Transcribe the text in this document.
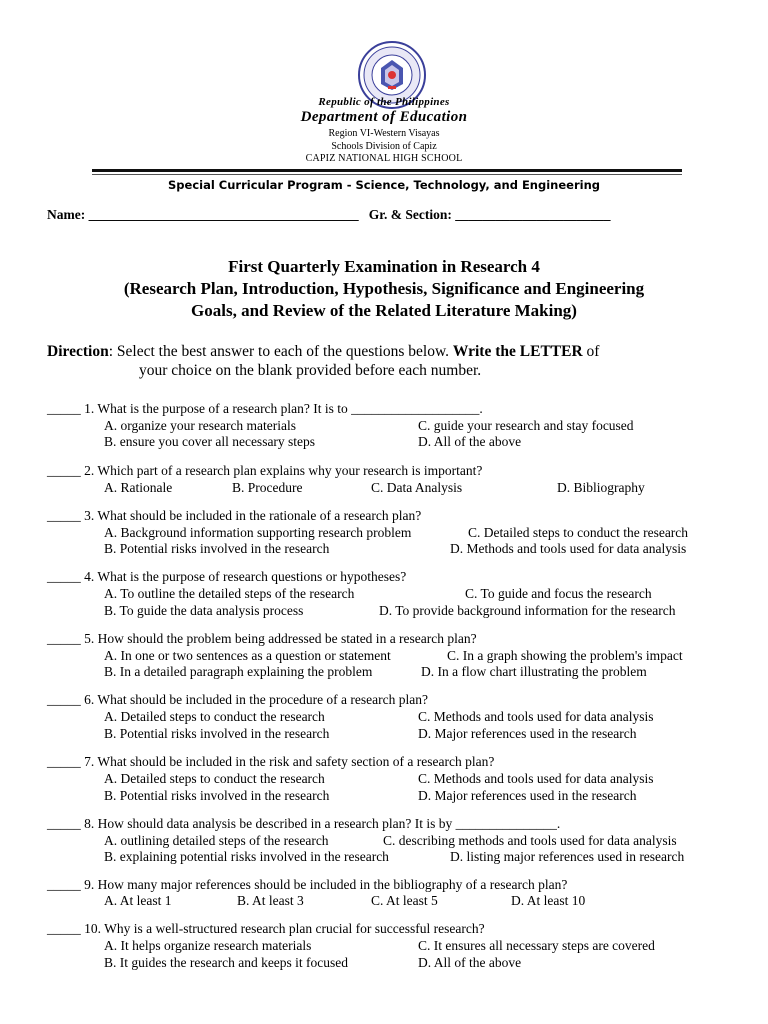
Republic of the Philippines
Department of Education
Region VI-Western Visayas
Schools Division of Capiz
CAPIZ NATIONAL HIGH SCHOOL
Special Curricular Program - Science, Technology, and Engineering
Name: ________________________________________ Gr. & Section: _______________________
First Quarterly Examination in Research 4
(Research Plan, Introduction, Hypothesis, Significance and Engineering
Goals, and Review of the Related Literature Making)
Direction: Select the best answer to each of the questions below. Write the LETTER of
your choice on the blank provided before each number.
_____ 1. What is the purpose of a research plan? It is to ___________________.
A. organize your research materials	C. guide your research and stay focused
B. ensure you cover all necessary steps	D. All of the above
_____ 2. Which part of a research plan explains why your research is important?
A. Rationale	B. Procedure	C. Data Analysis	D. Bibliography
_____ 3. What should be included in the rationale of a research plan?
A. Background information supporting research problem	C. Detailed steps to conduct the research
B. Potential risks involved in the research	D. Methods and tools used for data analysis
_____ 4. What is the purpose of research questions or hypotheses?
A. To outline the detailed steps of the research	C. To guide and focus the research
B. To guide the data analysis process	D. To provide background information for the research
_____ 5. How should the problem being addressed be stated in a research plan?
A. In one or two sentences as a question or statement	C. In a graph showing the problem's impact
B. In a detailed paragraph explaining the problem	D. In a flow chart illustrating the problem
_____ 6. What should be included in the procedure of a research plan?
A. Detailed steps to conduct the research	C. Methods and tools used for data analysis
B. Potential risks involved in the research	D. Major references used in the research
_____ 7. What should be included in the risk and safety section of a research plan?
A. Detailed steps to conduct the research	C. Methods and tools used for data analysis
B. Potential risks involved in the research	D. Major references used in the research
_____ 8. How should data analysis be described in a research plan? It is by _______________.
A. outlining detailed steps of the research	C. describing methods and tools used for data analysis
B. explaining potential risks involved in the research	D. listing major references used in research
_____ 9. How many major references should be included in the bibliography of a research plan?
A. At least 1	B. At least 3	C. At least 5	D. At least 10
_____ 10. Why is a well-structured research plan crucial for successful research?
A. It helps organize research materials	C. It ensures all necessary steps are covered
B. It guides the research and keeps it focused	D. All of the above
